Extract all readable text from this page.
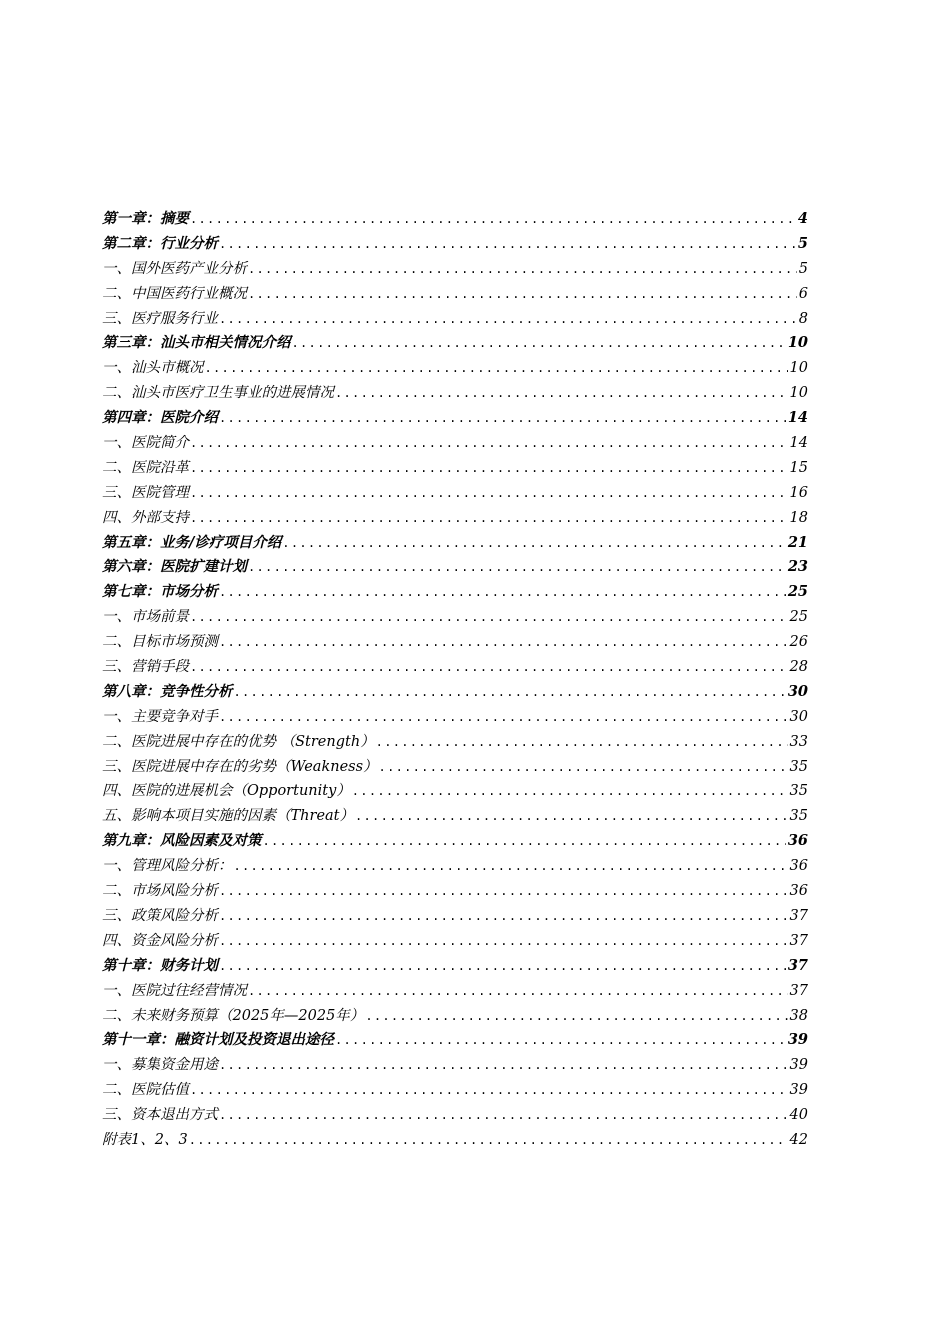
第一章：摘要 .....	4
第二章：行业分析 .....	5
一、国外医药产业分析 .....	5
二、中国医药行业概况 .....	6
三、医疗服务行业 .....	8
第三章：汕头市相关情况介绍 .....	10
一、汕头市概况 .....	10
二、汕头市医疗卫生事业的进展情况 .....	10
第四章：医院介绍 .....	14
一、医院简介 .....	14
二、医院沿革 .....	15
三、医院管理 .....	16
四、外部支持 .....	18
第五章：业务/诊疗项目介绍 .....	21
第六章：医院扩建计划 .....	23
第七章：市场分析 .....	25
一、市场前景 .....	25
二、目标市场预测 .....	26
三、营销手段 .....	28
第八章：竞争性分析 .....	30
一、主要竞争对手 .....	30
二、医院进展中存在的优势 （Strength） .....	33
三、医院进展中存在的劣势（Weakness） .....	35
四、医院的进展机会（Opportunity） .....	35
五、影响本项目实施的因素（Threat） .....	35
第九章：风险因素及对策 .....	36
一、管理风险分析： .....	36
二、市场风险分析 .....	36
三、政策风险分析 .....	37
四、资金风险分析 .....	37
第十章：财务计划 .....	37
一、医院过往经营情况 .....	37
二、未来财务预算（2025年—2025年） .....	38
第十一章：融资计划及投资退出途径 .....	39
一、募集资金用途 .....	39
二、医院估值 .....	39
三、资本退出方式 .....	40
附表1、2、3 .....	42
